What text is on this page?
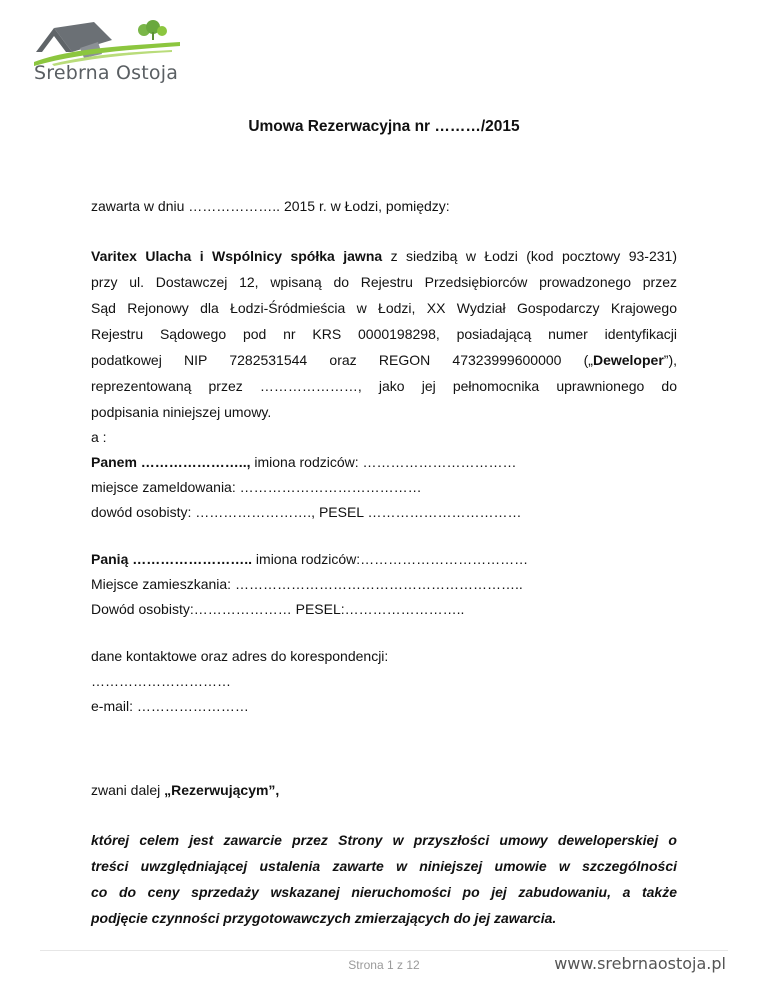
Srebrna Ostoja
Umowa Rezerwacyjna nr ………/2015
zawarta w dniu ……………….. 2015 r. w Łodzi, pomiędzy:
Varitex Ulacha i Wspólnicy spółka jawna z siedzibą w Łodzi (kod pocztowy 93-231)
przy ul. Dostawczej 12, wpisaną do Rejestru Przedsiębiorców prowadzonego przez
Sąd Rejonowy dla Łodzi-Śródmieścia w Łodzi, XX Wydział Gospodarczy Krajowego
Rejestru Sądowego pod nr KRS 0000198298, posiadającą numer identyfikacji
podatkowej NIP 7282531544 oraz REGON 47323999600000 („Deweloper”),
reprezentowaną przez …………………, jako jej pełnomocnika uprawnionego do
podpisania niniejszej umowy.
a :
Panem ………………….., imiona rodziców: ……………………………
miejsce zameldowania: …………………………………
dowód osobisty: ……………………., PESEL ……………………………
Panią …………………….. imiona rodziców:………………………………
Miejsce zamieszkania: ……………………………………………………..
Dowód osobisty:………………… PESEL:……………………..
dane kontaktowe oraz adres do korespondencji:
…………………………
e-mail: ……………………
zwani dalej „Rezerwującym”,
której celem jest zawarcie przez Strony w przyszłości umowy deweloperskiej o
treści uwzględniającej ustalenia zawarte w niniejszej umowie w szczególności
co do ceny sprzedaży wskazanej nieruchomości po jej zabudowaniu, a także
podjęcie czynności przygotowawczych zmierzających do jej zawarcia.
Strona 1 z 12	www.srebrnaostoja.pl
